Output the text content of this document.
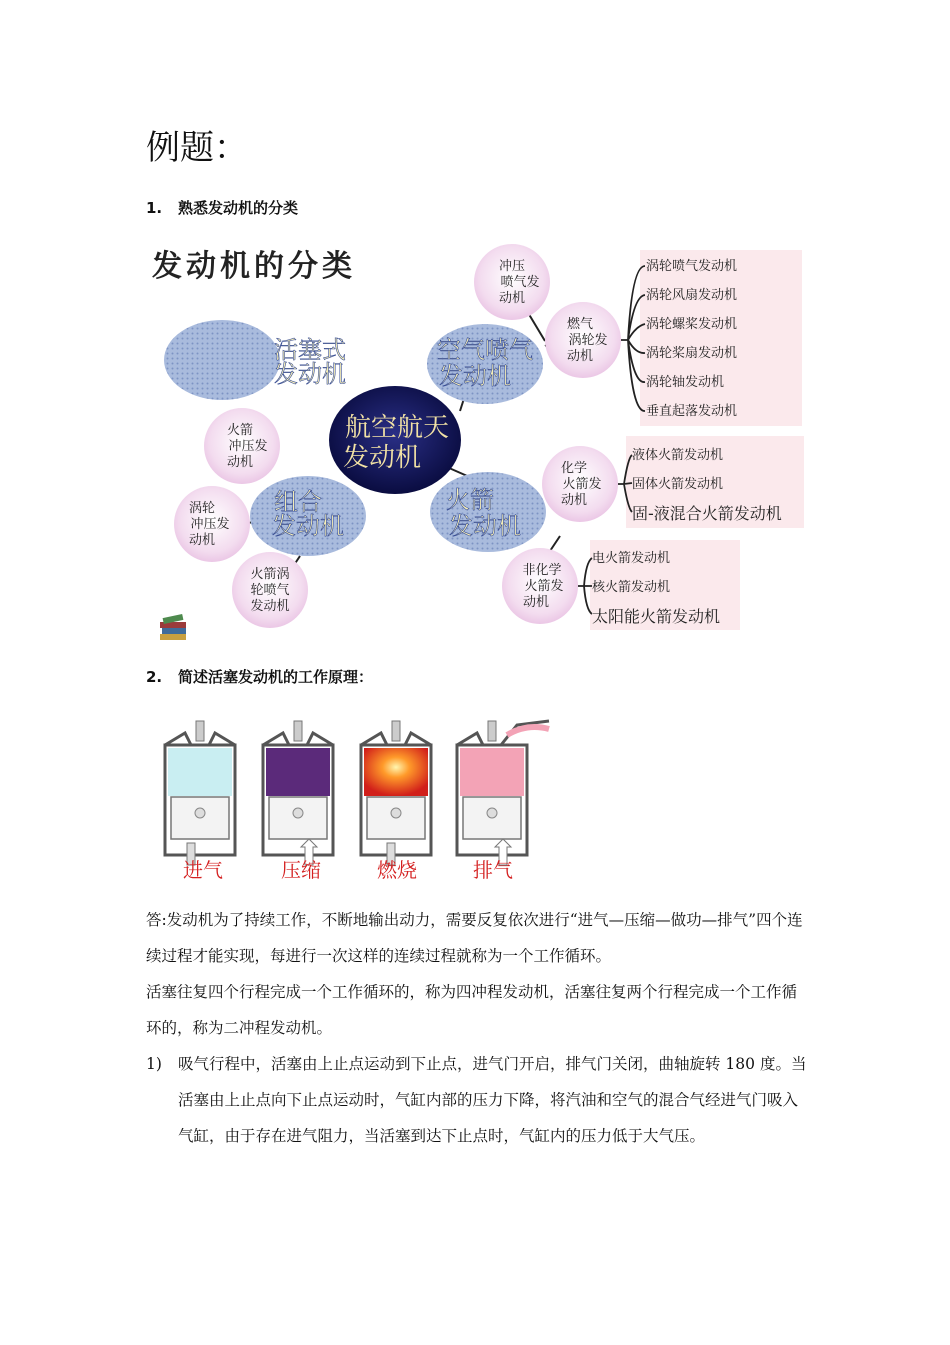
例题：
1. 熟悉发动机的分类
发动机的分类
航空航天
发动机
活塞式
发动机
空气喷气
发动机
组合
发动机
火箭
发动机
冲压
喷气发
动机
燃气
涡轮发
动机
火箭
冲压发
动机
涡轮
冲压发
动机
火箭涡
轮喷气
发动机
化学
火箭发
动机
非化学
火箭发
动机
涡轮喷气发动机
涡轮风扇发动机
涡轮螺桨发动机
涡轮桨扇发动机
涡轮轴发动机
垂直起落发动机
液体火箭发动机
固体火箭发动机
固-液混合火箭发动机
电火箭发动机
核火箭发动机
太阳能火箭发动机
2. 简述活塞发动机的工作原理：
进气	压缩	燃烧	排气
答:发动机为了持续工作，不断地输出动力，需要反复依次进行“进气—压缩—做功—排气”四个连续过程才能实现，每进行一次这样的连续过程就称为一个工作循环。
活塞往复四个行程完成一个工作循环的，称为四冲程发动机，活塞往复两个行程完成一个工作循环的，称为二冲程发动机。
1) 吸气行程中，活塞由上止点运动到下止点，进气门开启，排气门关闭，曲轴旋转 180 度。当活塞由上止点向下止点运动时，气缸内部的压力下降，将汽油和空气的混合气经进气门吸入气缸，由于存在进气阻力，当活塞到达下止点时，气缸内的压力低于大气压。
